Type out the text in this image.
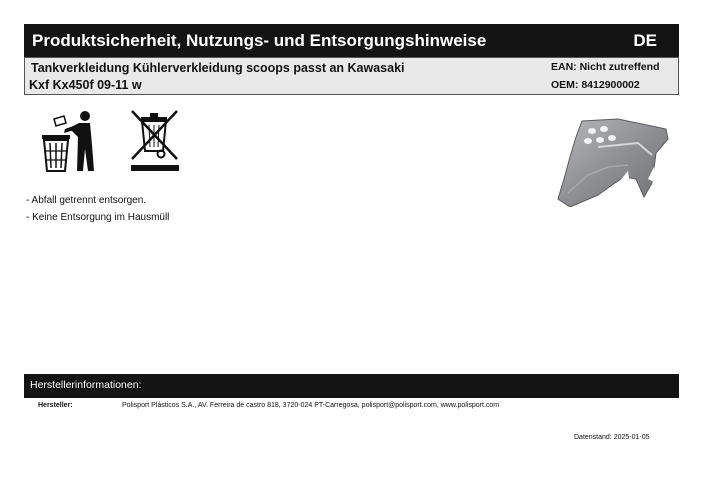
Produktsicherheit, Nutzungs- und Entsorgungshinweise	DE
Tankverkleidung Kühlerverkleidung scoops passt an Kawasaki
Kxf Kx450f 09-11 w
EAN: Nicht zutreffend
OEM: 8412900002
- Abfall getrennt entsorgen.
- Keine Entsorgung im Hausmüll
Herstellerinformationen:
Hersteller:	Polisport Plásticos S.A., AV. Ferreira de castro 818, 3720-024 PT-Carregosa, polisport@polisport.com, www.polisport.com
Datenstand: 2025-01-05
